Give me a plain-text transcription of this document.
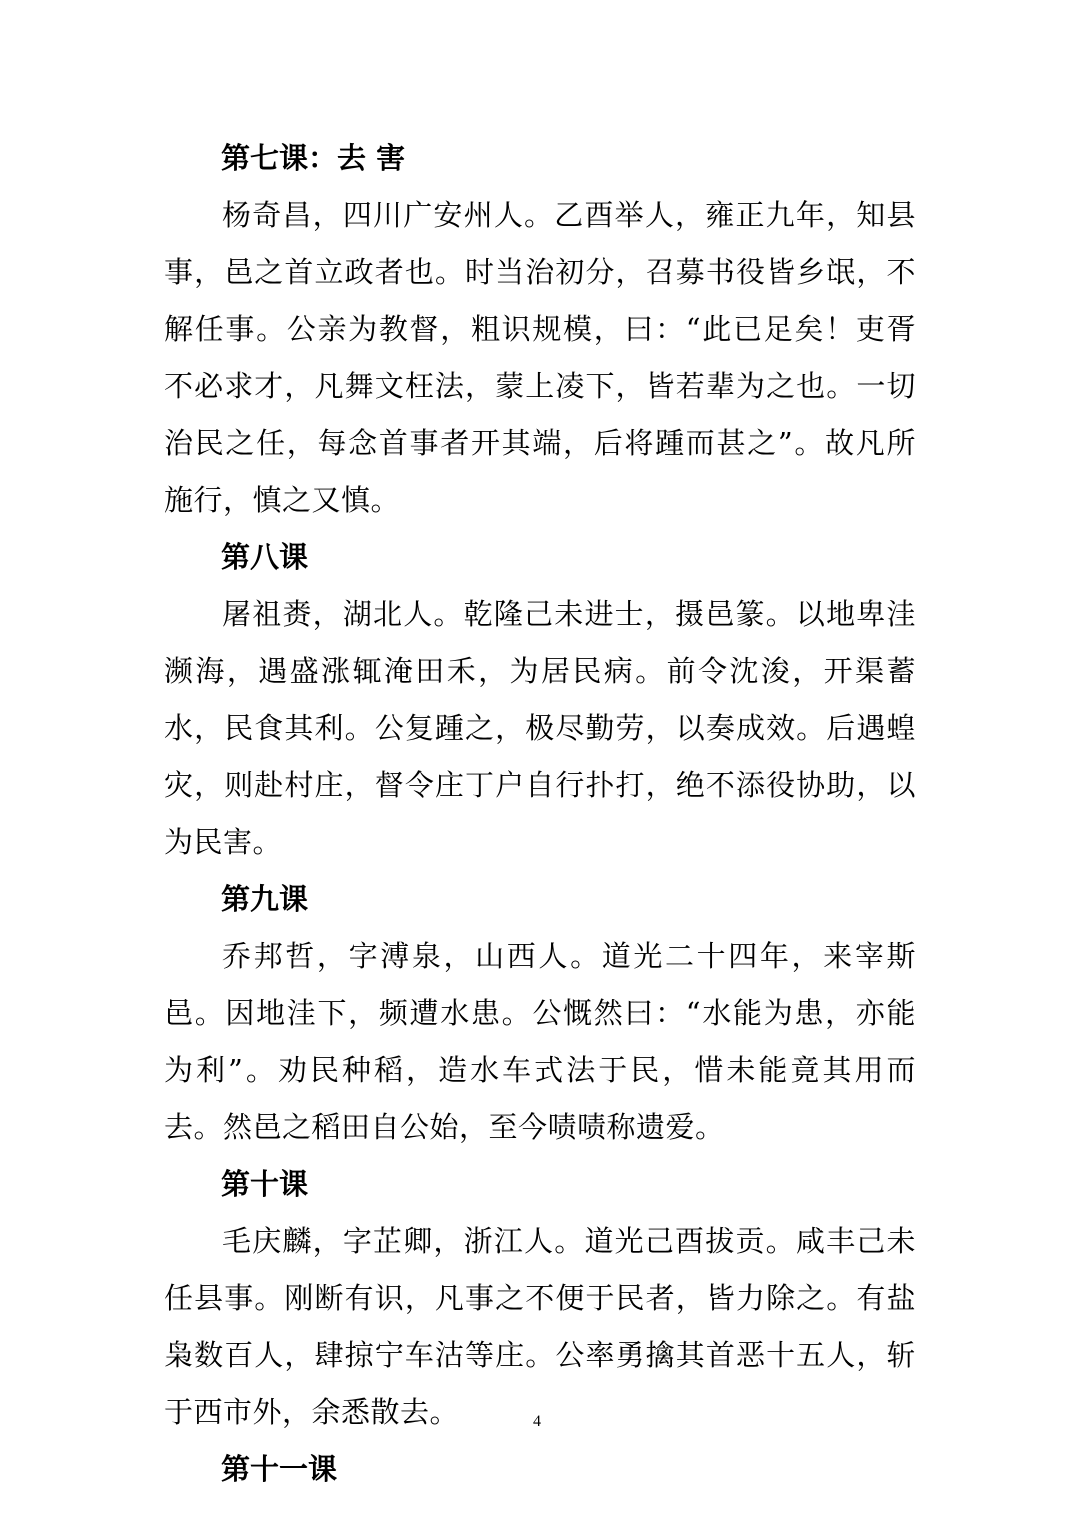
第七课：去 害
杨奇昌，四川广安州人。乙酉举人，雍正九年，知县事，邑之首立政者也。时当治初分，召募书役皆乡氓，不解任事。公亲为教督，粗识规模，曰：“此已足矣！吏胥不必求才，凡舞文枉法，蒙上凌下，皆若辈为之也。一切治民之任，每念首事者开其端，后将踵而甚之”。故凡所施行，慎之又慎。
第八课
屠祖赉，湖北人。乾隆己未进士，摄邑篆。以地卑洼濒海，遇盛涨辄淹田禾，为居民病。前令沈浚，开渠蓄水，民食其利。公复踵之，极尽勤劳，以奏成效。后遇蝗灾，则赴村庄，督令庄丁户自行扑打，绝不添役协助，以为民害。
第九课
乔邦哲，字溥泉，山西人。道光二十四年，来宰斯邑。因地洼下，频遭水患。公慨然曰：“水能为患，亦能为利”。劝民种稻，造水车式法于民，惜未能竟其用而去。然邑之稻田自公始，至今啧啧称遗爱。
第十课
毛庆麟，字芷卿，浙江人。道光己酉拔贡。咸丰己未任县事。刚断有识，凡事之不便于民者，皆力除之。有盐枭数百人，肆掠宁车沽等庄。公率勇擒其首恶十五人，斩于西市外，余悉散去。
第十一课
4
